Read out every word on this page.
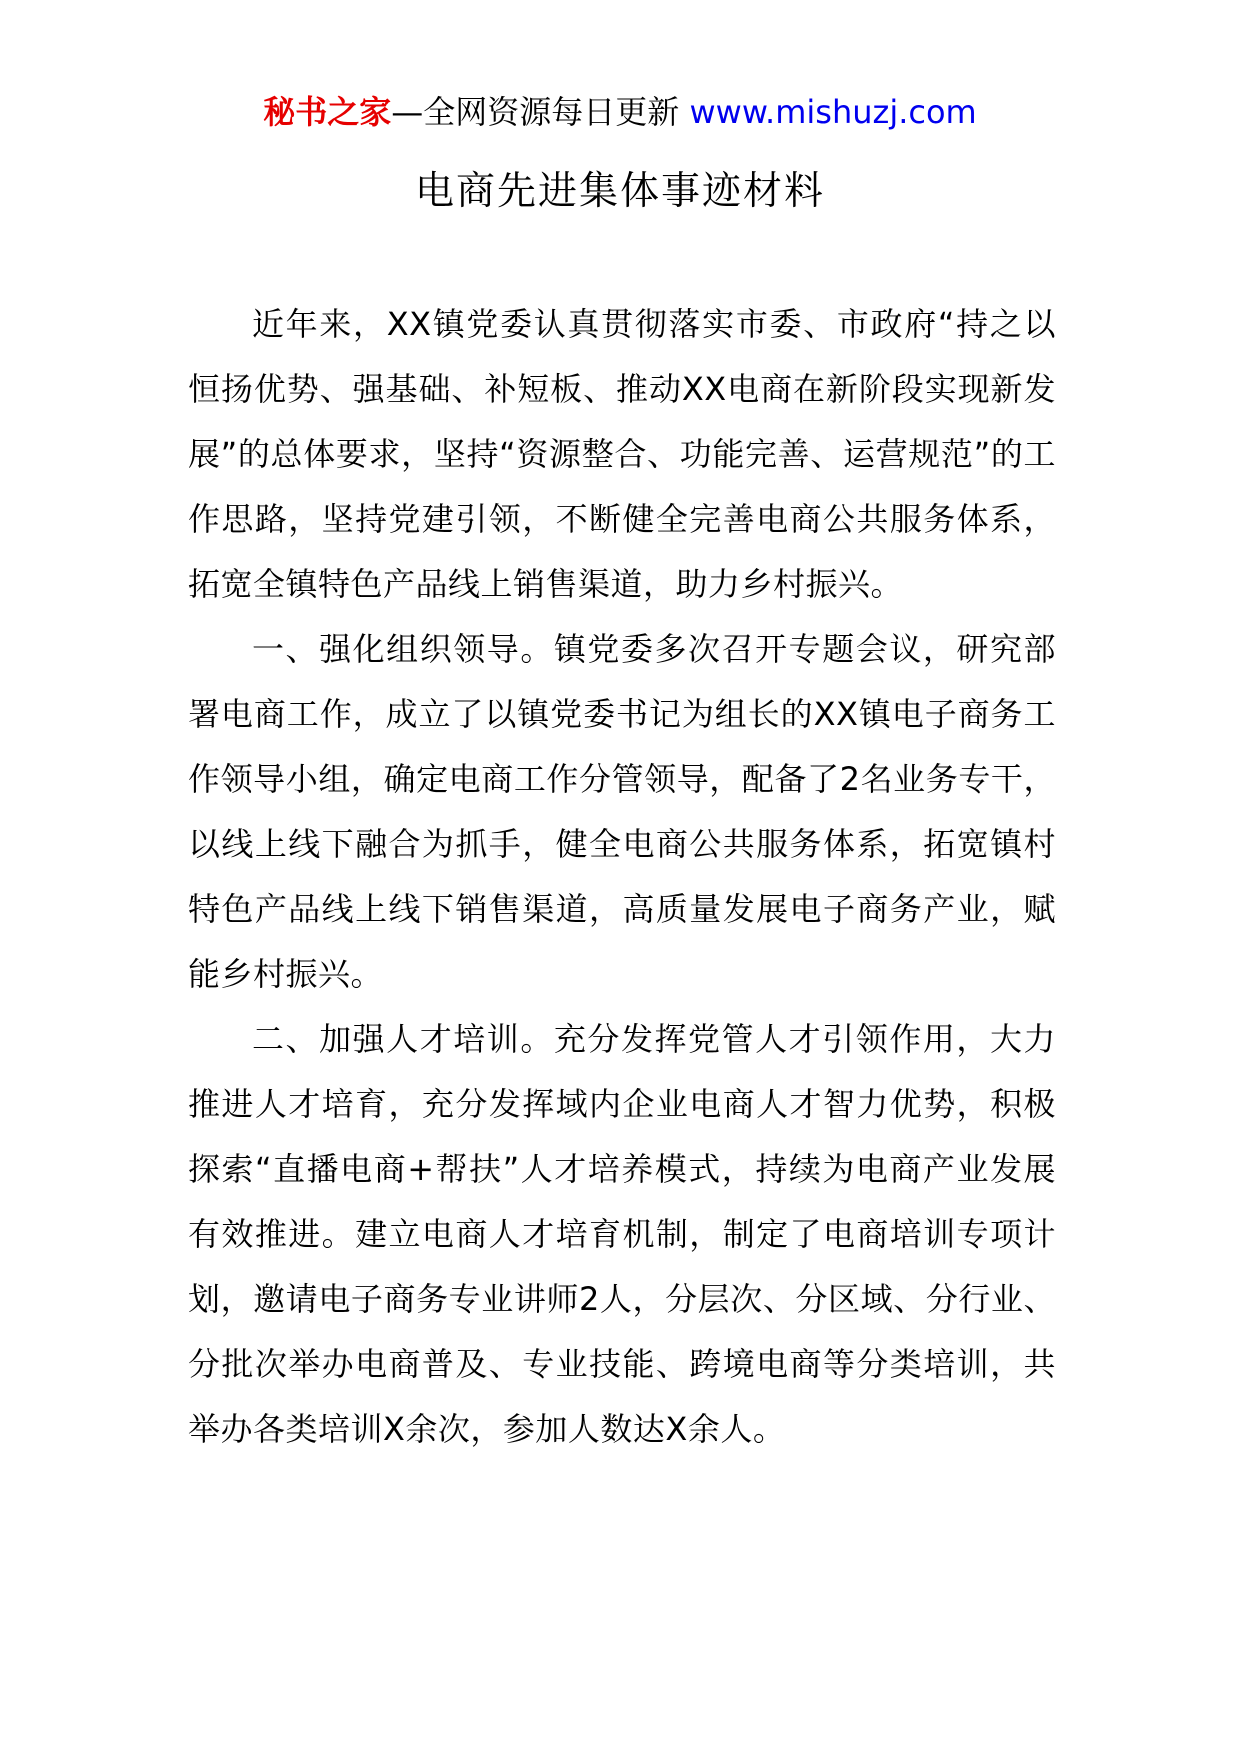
秘书之家—全网资源每日更新 www.mishuzj.com
电商先进集体事迹材料

近年来，XX镇党委认真贯彻落实市委、市政府“持之以恒扬优势、强基础、补短板、推动XX电商在新阶段实现新发展”的总体要求，坚持“资源整合、功能完善、运营规范”的工作思路，坚持党建引领，不断健全完善电商公共服务体系，拓宽全镇特色产品线上销售渠道，助力乡村振兴。

一、强化组织领导。镇党委多次召开专题会议，研究部署电商工作，成立了以镇党委书记为组长的XX镇电子商务工作领导小组，确定电商工作分管领导，配备了2名业务专干，以线上线下融合为抓手，健全电商公共服务体系，拓宽镇村特色产品线上线下销售渠道，高质量发展电子商务产业，赋能乡村振兴。

二、加强人才培训。充分发挥党管人才引领作用，大力推进人才培育，充分发挥域内企业电商人才智力优势，积极探索“直播电商+帮扶”人才培养模式，持续为电商产业发展有效推进。建立电商人才培育机制，制定了电商培训专项计划，邀请电子商务专业讲师2人，分层次、分区域、分行业、分批次举办电商普及、专业技能、跨境电商等分类培训，共举办各类培训X余次，参加人数达X余人。
